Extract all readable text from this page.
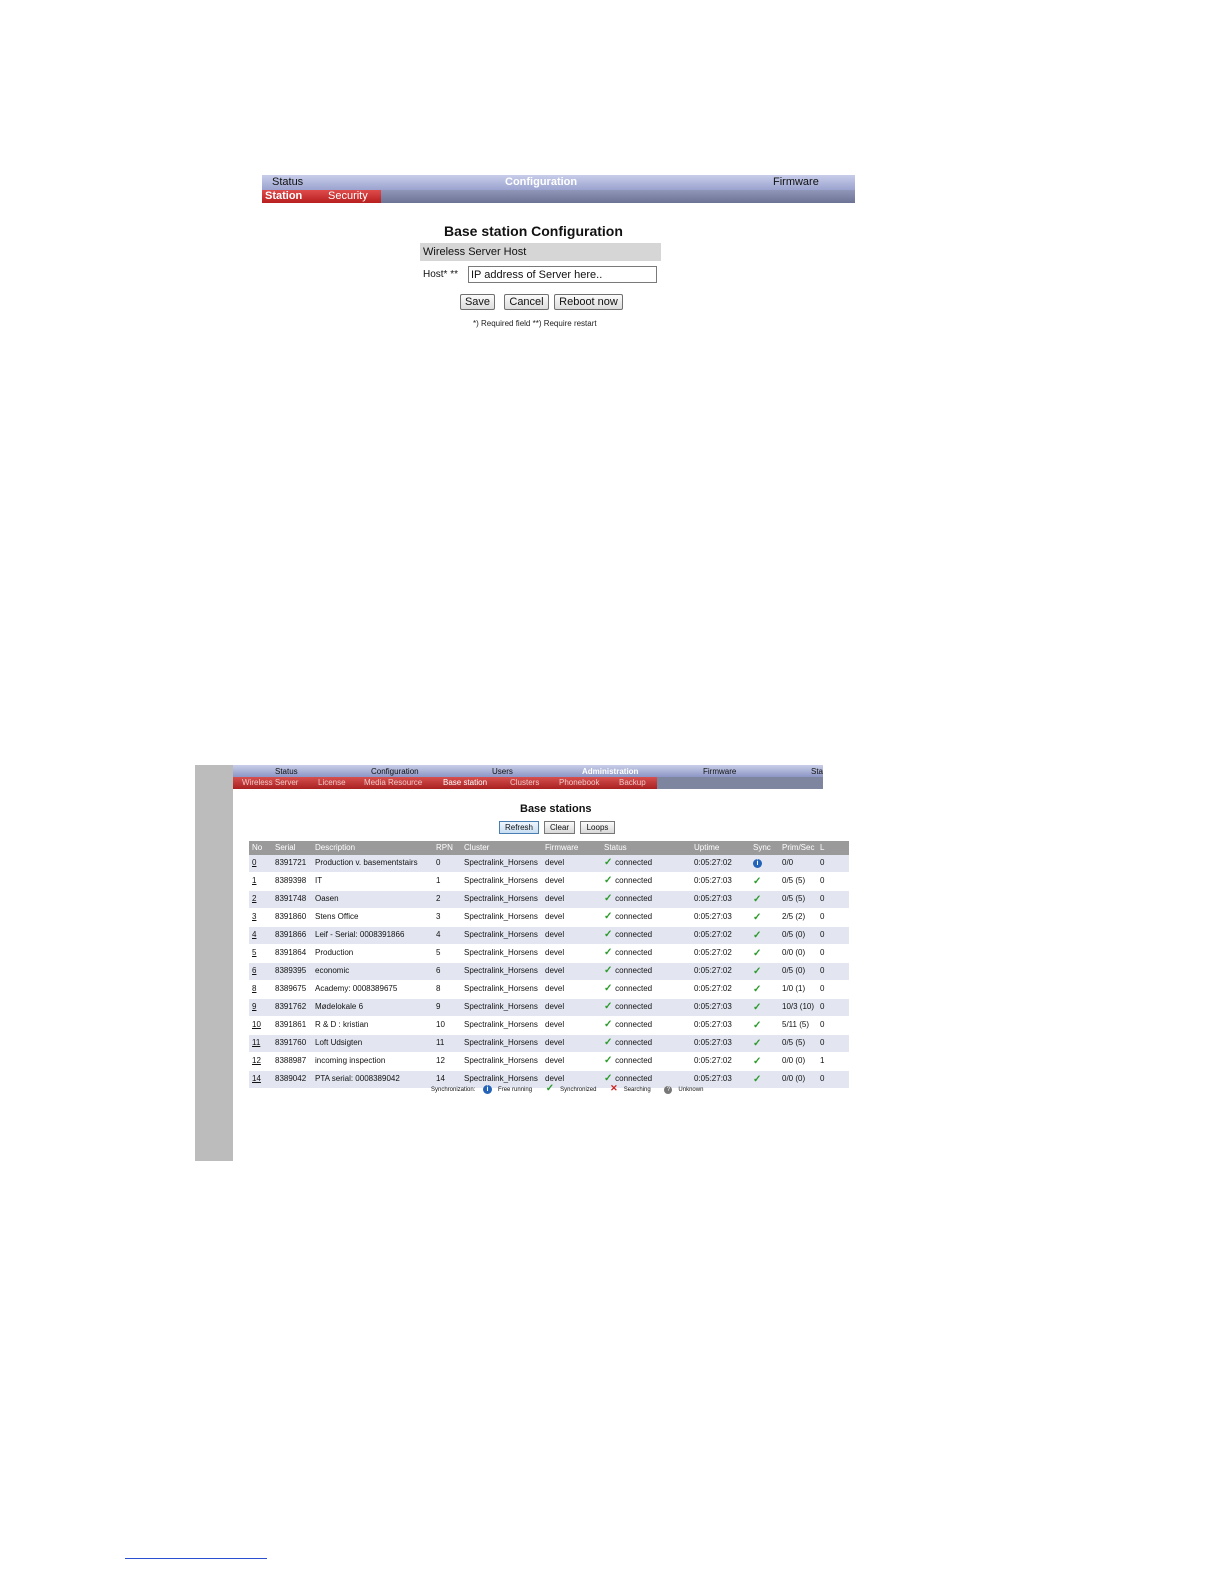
Status	Configuration	Firmware
Station Security
Base station Configuration
Wireless Server Host
Host* **
IP address of Server here..
Save	Cancel	Reboot now
*) Required field **) Require restart
Status	Configuration	Users	Administration	Firmware	Sta
Wireless Server License Media Resource	Base station	Clusters Phonebook Backup
Base stations
Refresh	Clear	Loops
No Serial Description	RPN Cluster	Firmware	Status	Uptime	Sync Prim/Sec L
0 8391721 Production v. basementstairs 0	Spectralink_Horsens devel	✓ connected	0:05:27:02	i	0/0	0
1 8389398 IT	1	Spectralink_Horsens devel	✓ connected	0:05:27:03 ✓	0/5 (5) 0
2 8391748 Oasen	2	Spectralink_Horsens devel	✓ connected	0:05:27:03 ✓	0/5 (5) 0
3 8391860 Stens Office	3	Spectralink_Horsens devel	✓ connected	0:05:27:03 ✓	2/5 (2) 0
4 8391866 Leif - Serial: 0008391866	4	Spectralink_Horsens devel	✓ connected	0:05:27:02 ✓	0/5 (0) 0
5 8391864 Production	5	Spectralink_Horsens devel	✓ connected	0:05:27:02 ✓	0/0 (0) 0
6 8389395 economic	6	Spectralink_Horsens devel	✓ connected	0:05:27:02 ✓	0/5 (0) 0
8 8389675 Academy: 0008389675	8	Spectralink_Horsens devel	✓ connected	0:05:27:02 ✓	1/0 (1) 0
9 8391762 Mødelokale 6	9	Spectralink_Horsens devel	✓ connected	0:05:27:03 ✓	10/3 (10) 0
10 8391861 R & D : kristian	10 Spectralink_Horsens devel	✓ connected	0:05:27:03 ✓	5/11 (5) 0
11 8391760 Loft Udsigten	11 Spectralink_Horsens devel	✓ connected	0:05:27:03 ✓	0/5 (5) 0
12 8388987 incoming inspection	12 Spectralink_Horsens devel	✓ connected	0:05:27:02 ✓	0/0 (0) 1
14 8389042 PTA serial: 0008389042	14 Spectralink_Horsens devel	✓ connected	0:05:27:03 ✓	0/0 (0) 0
Synchronization: i Free running ✓ Synchronized ✕ Searching	? Unknown
